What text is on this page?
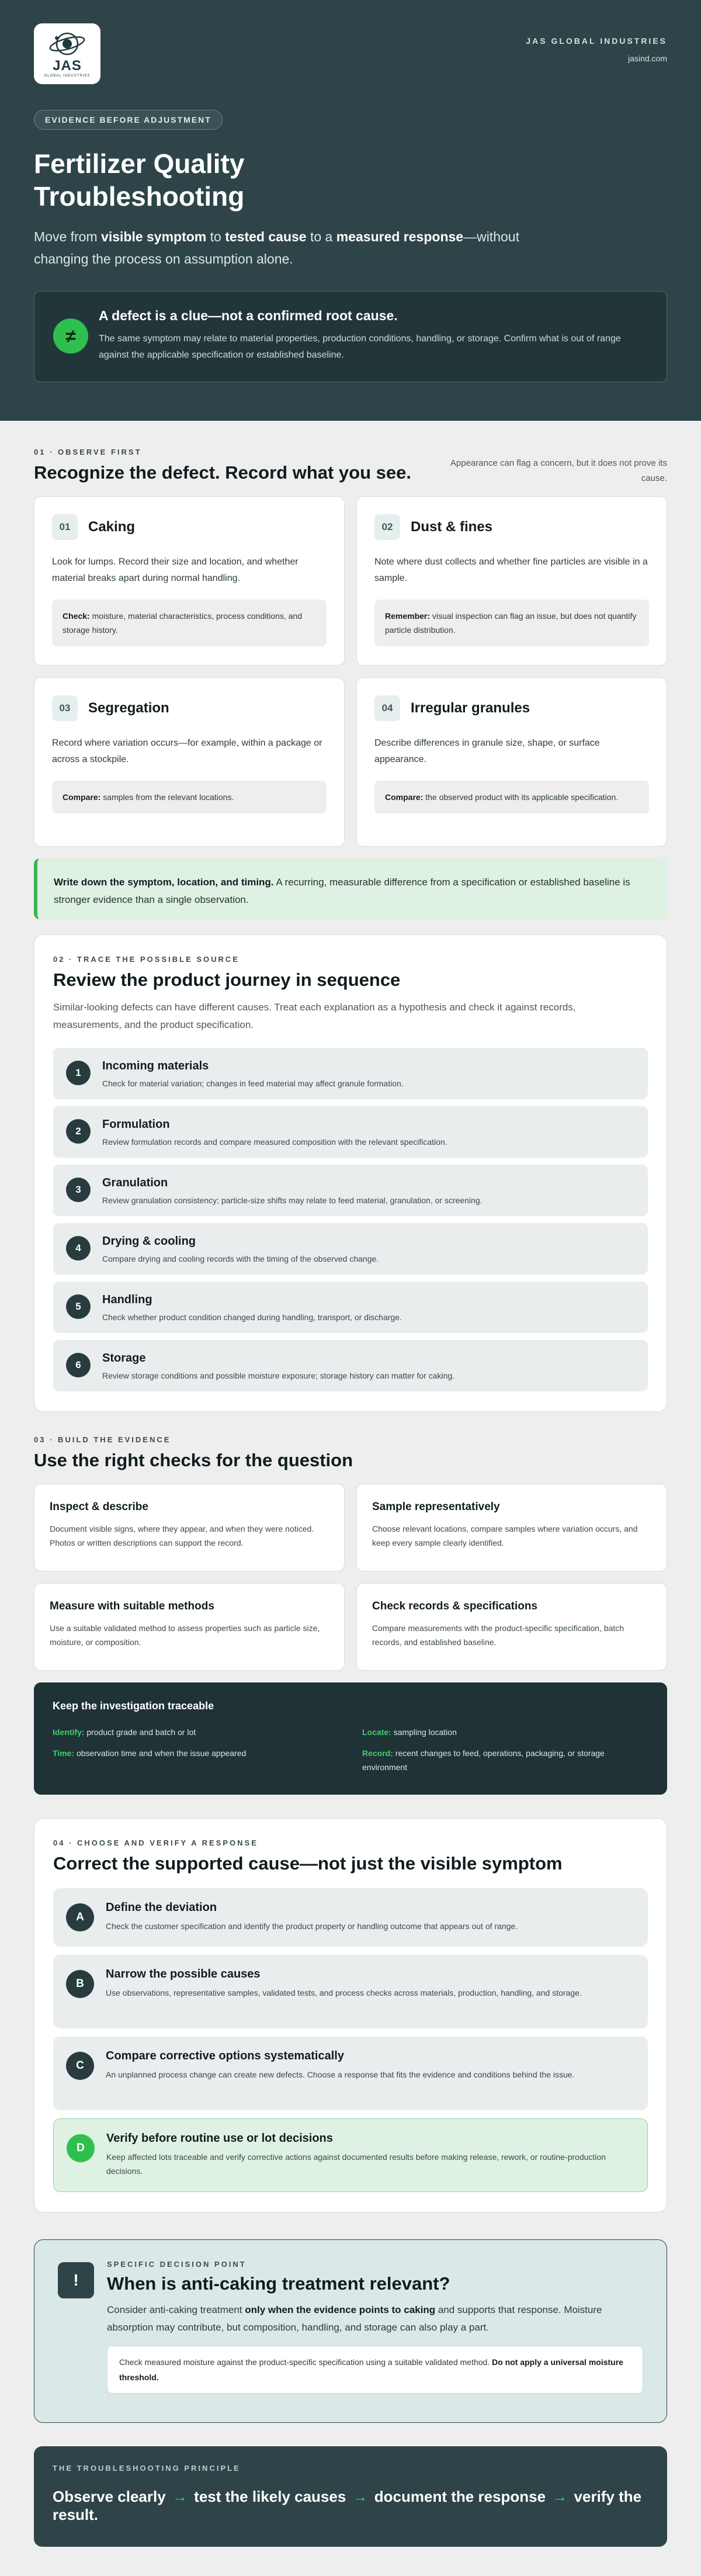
JAS
GLOBAL INDUSTRIES
JAS GLOBAL INDUSTRIES
jasind.com
EVIDENCE BEFORE ADJUSTMENT
Fertilizer Quality Troubleshooting

Move from visible symptom to tested cause to a measured response—without changing the process on assumption alone.

≠
A defect is a clue—not a confirmed root cause.
The same symptom may relate to material properties, production conditions, handling, or storage. Confirm what is out of range against the applicable specification or established baseline.
01 · OBSERVE FIRST
Recognize the defect. Record what you see.	Appearance can flag a concern, but it does not prove its cause.
01	Caking
Look for lumps. Record their size and location, and whether material breaks apart during normal handling.
Check: moisture, material characteristics, process conditions, and storage history.
02	Dust & fines
Note where dust collects and whether fine particles are visible in a sample.
Remember: visual inspection can flag an issue, but does not quantify particle distribution.
03	Segregation
Record where variation occurs—for example, within a package or across a stockpile.
Compare: samples from the relevant locations.
04	Irregular granules
Describe differences in granule size, shape, or surface appearance.
Compare: the observed product with its applicable specification.
Write down the symptom, location, and timing. A recurring, measurable difference from a specification or established baseline is stronger evidence than a single observation.
02 · TRACE THE POSSIBLE SOURCE
Review the product journey in sequence
Similar-looking defects can have different causes. Treat each explanation as a hypothesis and check it against records, measurements, and the product specification.
1
Incoming materials
Check for material variation; changes in feed material may affect granule formation.
2
Formulation
Review formulation records and compare measured composition with the relevant specification.
3
Granulation
Review granulation consistency; particle-size shifts may relate to feed material, granulation, or screening.
4
Drying & cooling
Compare drying and cooling records with the timing of the observed change.
5
Handling
Check whether product condition changed during handling, transport, or discharge.
6
Storage
Review storage conditions and possible moisture exposure; storage history can matter for caking.
03 · BUILD THE EVIDENCE
Use the right checks for the question
Inspect & describe
Document visible signs, where they appear, and when they were noticed. Photos or written descriptions can support the record.
Sample representatively
Choose relevant locations, compare samples where variation occurs, and keep every sample clearly identified.
Measure with suitable methods
Use a suitable validated method to assess properties such as particle size, moisture, or composition.
Check records & specifications
Compare measurements with the product-specific specification, batch records, and established baseline.
Keep the investigation traceable
Identify: product grade and batch or lot	Locate: sampling location
Time: observation time and when the issue appeared	Record: recent changes to feed, operations, packaging, or storage environment
04 · CHOOSE AND VERIFY A RESPONSE
Correct the supported cause—not just the visible symptom
A
Define the deviation
Check the customer specification and identify the product property or handling outcome that appears out of range.
B
Narrow the possible causes
Use observations, representative samples, validated tests, and process checks across materials, production, handling, and storage.
C
Compare corrective options systematically
An unplanned process change can create new defects. Choose a response that fits the evidence and conditions behind the issue.
D
Verify before routine use or lot decisions
Keep affected lots traceable and verify corrective actions against documented results before making release, rework, or routine-production decisions.
!
SPECIFIC DECISION POINT
When is anti-caking treatment relevant?
Consider anti-caking treatment only when the evidence points to caking and supports that response. Moisture absorption may contribute, but composition, handling, and storage can also play a part.
Check measured moisture against the product-specific specification using a suitable validated method. Do not apply a universal moisture threshold.
THE TROUBLESHOOTING PRINCIPLE
Observe clearly → test the likely causes → document the response → verify the result.
